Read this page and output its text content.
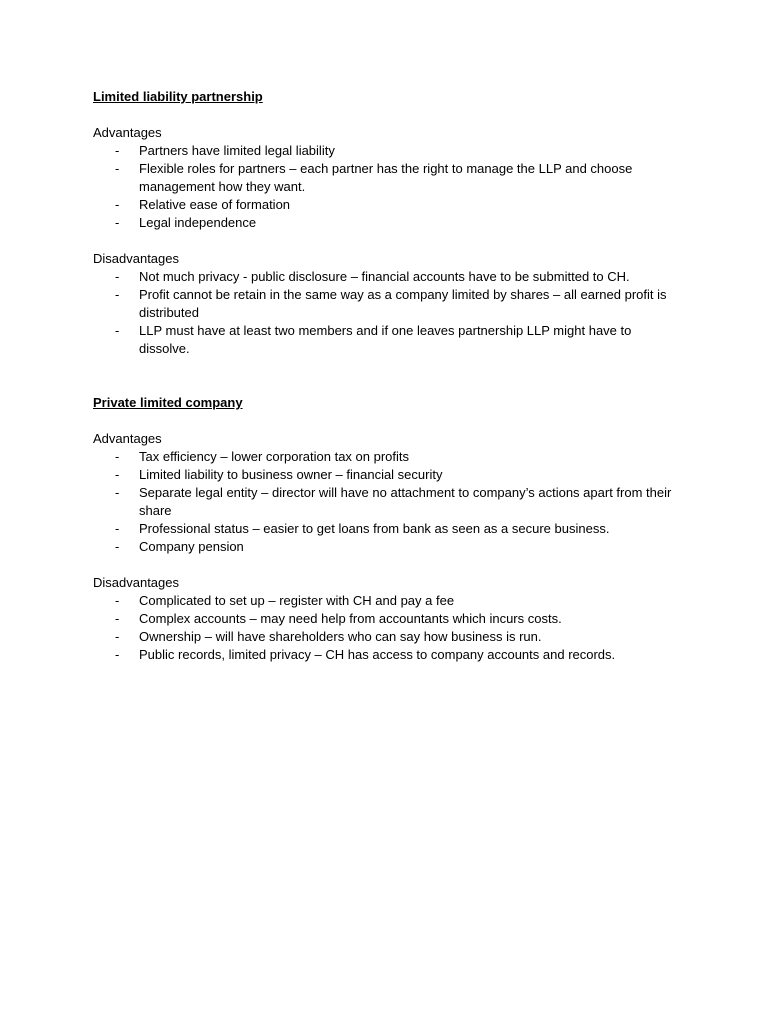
Limited liability partnership
Advantages
- Partners have limited legal liability
- Flexible roles for partners – each partner has the right to manage the LLP and choose management how they want.
- Relative ease of formation
- Legal independence
Disadvantages
- Not much privacy - public disclosure – financial accounts have to be submitted to CH.
- Profit cannot be retain in the same way as a company limited by shares – all earned profit is distributed
- LLP must have at least two members and if one leaves partnership LLP might have to dissolve.
Private limited company
Advantages
- Tax efficiency – lower corporation tax on profits
- Limited liability to business owner – financial security
- Separate legal entity – director will have no attachment to company’s actions apart from their share
- Professional status – easier to get loans from bank as seen as a secure business.
- Company pension
Disadvantages
- Complicated to set up – register with CH and pay a fee
- Complex accounts – may need help from accountants which incurs costs.
- Ownership – will have shareholders who can say how business is run.
- Public records, limited privacy – CH has access to company accounts and records.
